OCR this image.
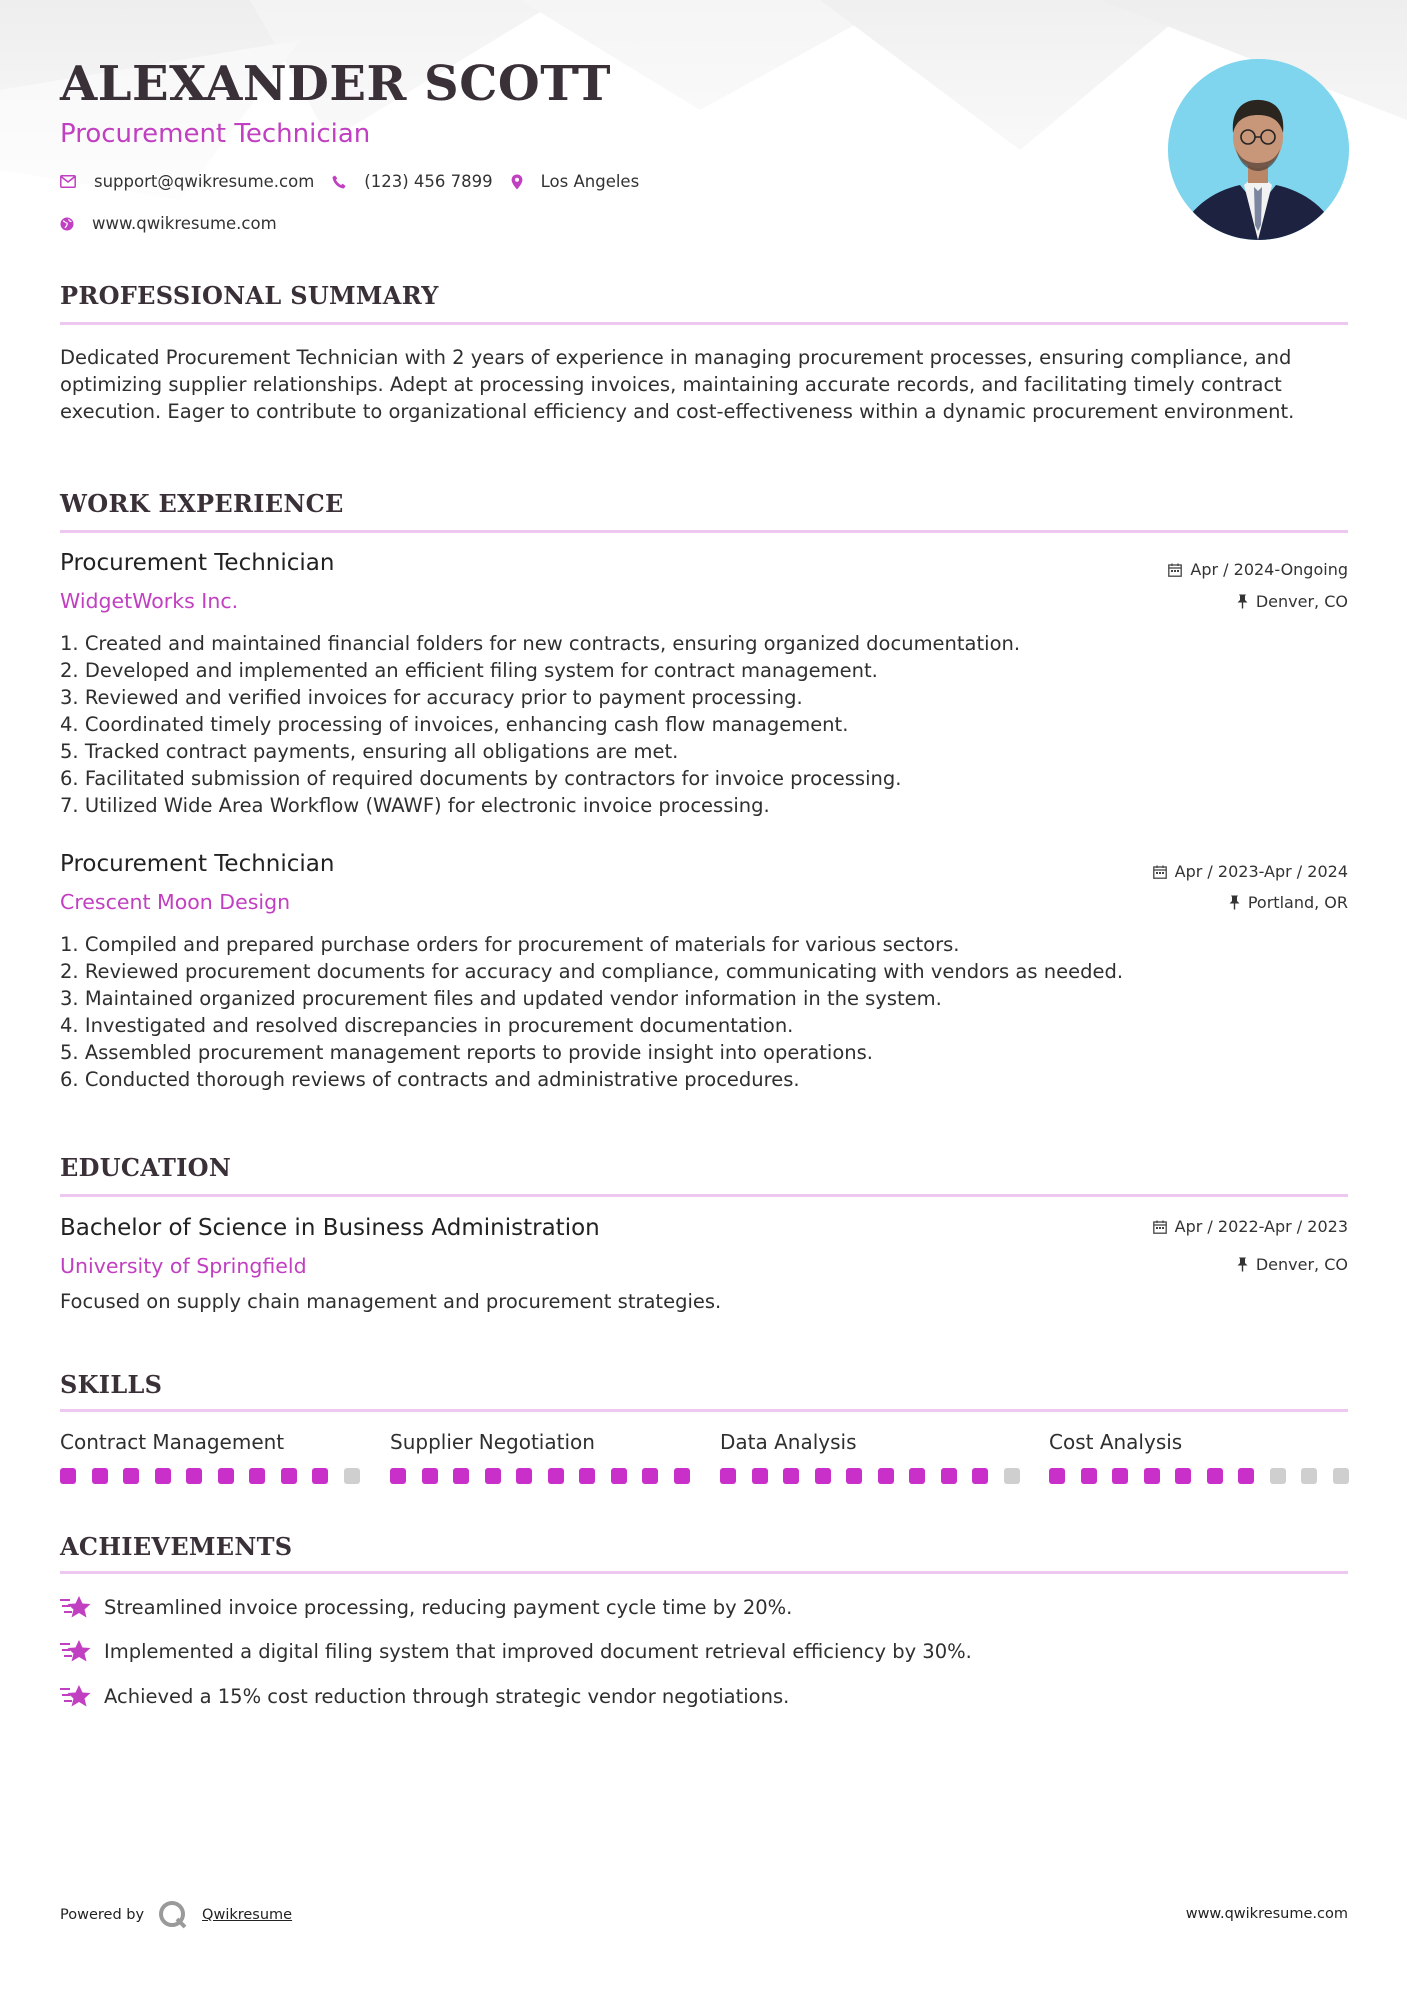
ALEXANDER SCOTT
Procurement Technician
support@qwikresume.com	(123) 456 7899	Los Angeles
www.qwikresume.com
PROFESSIONAL SUMMARY
Dedicated Procurement Technician with 2 years of experience in managing procurement processes, ensuring compliance, and optimizing supplier relationships. Adept at processing invoices, maintaining accurate records, and facilitating timely contract execution. Eager to contribute to organizational efficiency and cost-effectiveness within a dynamic procurement environment.
WORK EXPERIENCE
Procurement Technician
WidgetWorks Inc.
Apr / 2024-Ongoing
Denver, CO
1. Created and maintained financial folders for new contracts, ensuring organized documentation.
2. Developed and implemented an efficient filing system for contract management.
3. Reviewed and verified invoices for accuracy prior to payment processing.
4. Coordinated timely processing of invoices, enhancing cash flow management.
5. Tracked contract payments, ensuring all obligations are met.
6. Facilitated submission of required documents by contractors for invoice processing.
7. Utilized Wide Area Workflow (WAWF) for electronic invoice processing.
Procurement Technician
Crescent Moon Design
Apr / 2023-Apr / 2024
Portland, OR
1. Compiled and prepared purchase orders for procurement of materials for various sectors.
2. Reviewed procurement documents for accuracy and compliance, communicating with vendors as needed.
3. Maintained organized procurement files and updated vendor information in the system.
4. Investigated and resolved discrepancies in procurement documentation.
5. Assembled procurement management reports to provide insight into operations.
6. Conducted thorough reviews of contracts and administrative procedures.
EDUCATION
Bachelor of Science in Business Administration
University of Springfield
Apr / 2022-Apr / 2023
Denver, CO
Focused on supply chain management and procurement strategies.
SKILLS
Contract Management	Supplier Negotiation	Data Analysis	Cost Analysis
ACHIEVEMENTS
Streamlined invoice processing, reducing payment cycle time by 20%.
Implemented a digital filing system that improved document retrieval efficiency by 30%.
Achieved a 15% cost reduction through strategic vendor negotiations.
Powered by	Qwikresume	www.qwikresume.com
